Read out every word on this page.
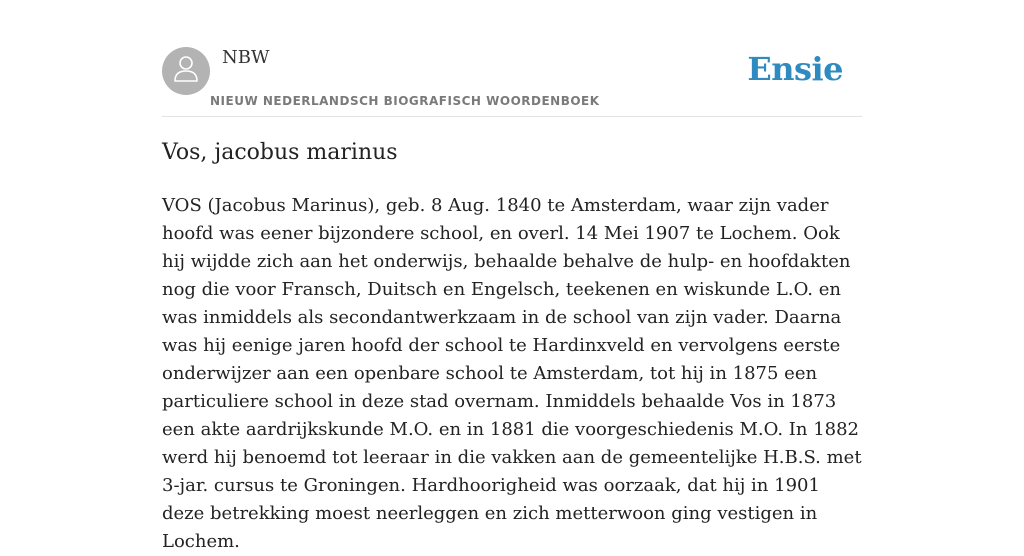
NBW
NIEUW NEDERLANDSCH BIOGRAFISCH WOORDENBOEK
Ensie
Vos, jacobus marinus

VOS (Jacobus Marinus), geb. 8 Aug. 1840 te Amsterdam, waar zijn vader hoofd was eener bijzondere school, en overl. 14 Mei 1907 te Lochem. Ook hij wijdde zich aan het onderwijs, behaalde behalve de hulp- en hoofdakten nog die voor Fransch, Duitsch en Engelsch, teekenen en wiskunde L.O. en was inmiddels als secondantwerkzaam in de school van zijn vader. Daarna was hij eenige jaren hoofd der school te Hardinxveld en vervolgens eerste onderwijzer aan een openbare school te Amsterdam, tot hij in 1875 een particuliere school in deze stad overnam. Inmiddels behaalde Vos in 1873 een akte aardrijkskunde M.O. en in 1881 die voorgeschiedenis M.O. In 1882 werd hij benoemd tot leeraar in die vakken aan de gemeentelijke H.B.S. met 3-jar. cursus te Groningen. Hardhoorigheid was oorzaak, dat hij in 1901 deze betrekking moest neerleggen en zich metterwoon ging vestigen in Lochem.
